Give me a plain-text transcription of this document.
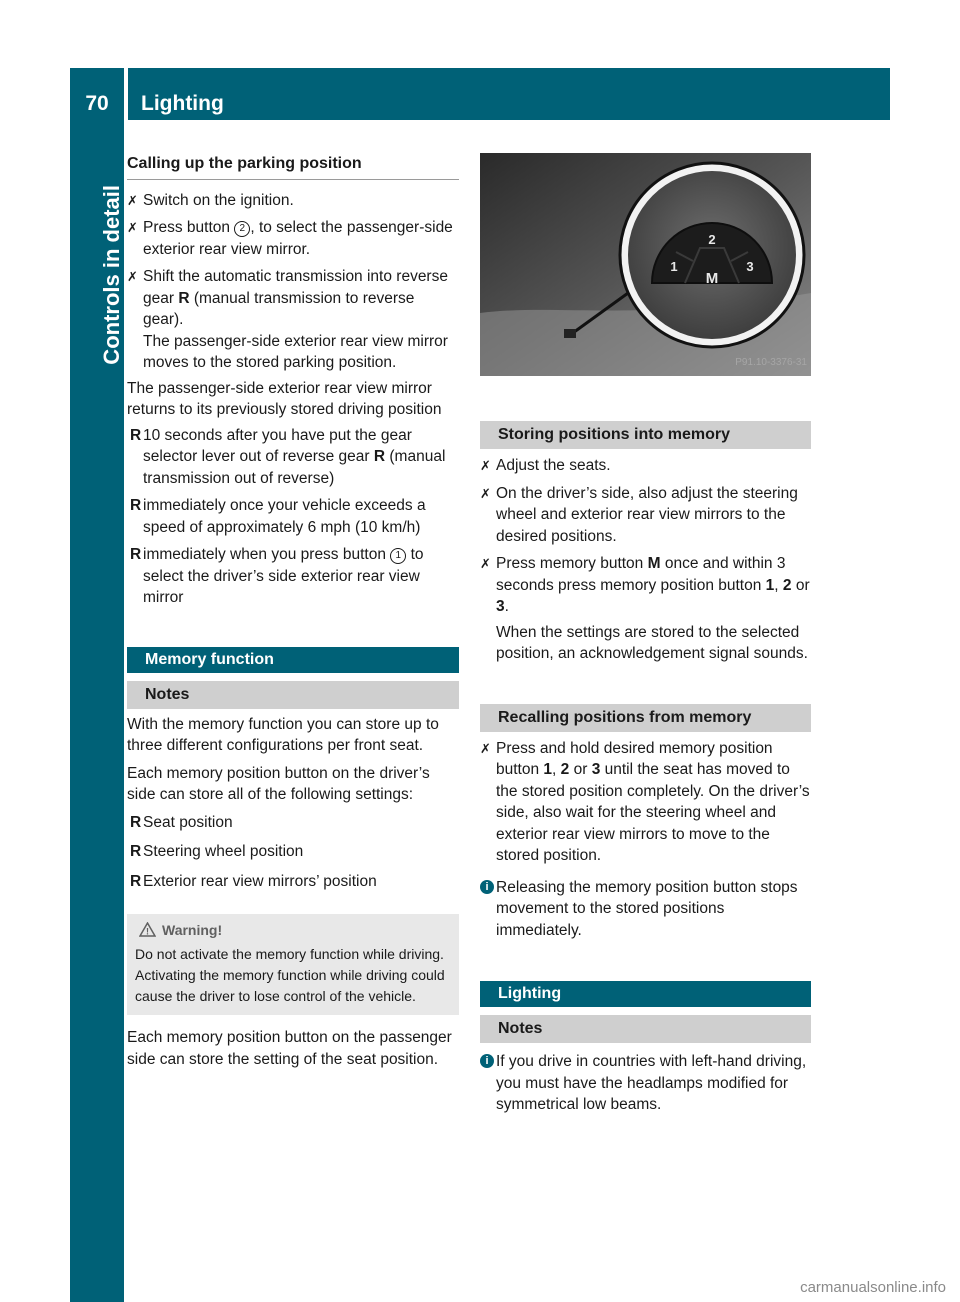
70	Lighting
Controls in detail
Calling up the parking position
✗ Switch on the ignition.
✗ Press button 2 , to select the passenger-side exterior rear view mirror.
✗ Shift the automatic transmission into reverse gear R (manual transmission to reverse gear).

The passenger-side exterior rear view mirror moves to the stored parking position.

The passenger-side exterior rear view mirror returns to its previously stored driving position

R 10 seconds after you have put the gear selector lever out of reverse gear R (manual transmission out of reverse)
R immediately once your vehicle exceeds a speed of approximately 6 mph (10 km/h)
R immediately when you press button 1 to select the driver’s side exterior rear view mirror
Memory function
Notes

With the memory function you can store up to three different configurations per front seat.

Each memory position button on the driver’s side can store all of the following settings:

R Seat position
R Steering wheel position
R Exterior rear view mirrors’ position
! Warning!

Do not activate the memory function while driving. Activating the memory function while driving could cause the driver to lose control of the vehicle.

Each memory position button on the passenger side can store the setting of the seat position.

1
2
3
M
P91.10-3376-31
Storing positions into memory
✗ Adjust the seats.
✗ On the driver’s side, also adjust the steering wheel and exterior rear view mirrors to the desired positions.
✗ Press memory button M once and within 3 seconds press memory position button 1, 2 or 3.

When the settings are stored to the selected position, an acknowledgement signal sounds.

Recalling positions from memory
✗ Press and hold desired memory position button 1, 2 or 3 until the seat has moved to the stored position completely. On the driver’s side, also wait for the steering wheel and exterior rear view mirrors to move to the stored position.
i Releasing the memory position button stops movement to the stored positions immediately.
Lighting
Notes
i If you drive in countries with left-hand driving, you must have the headlamps modified for symmetrical low beams.
carmanualsonline.info
